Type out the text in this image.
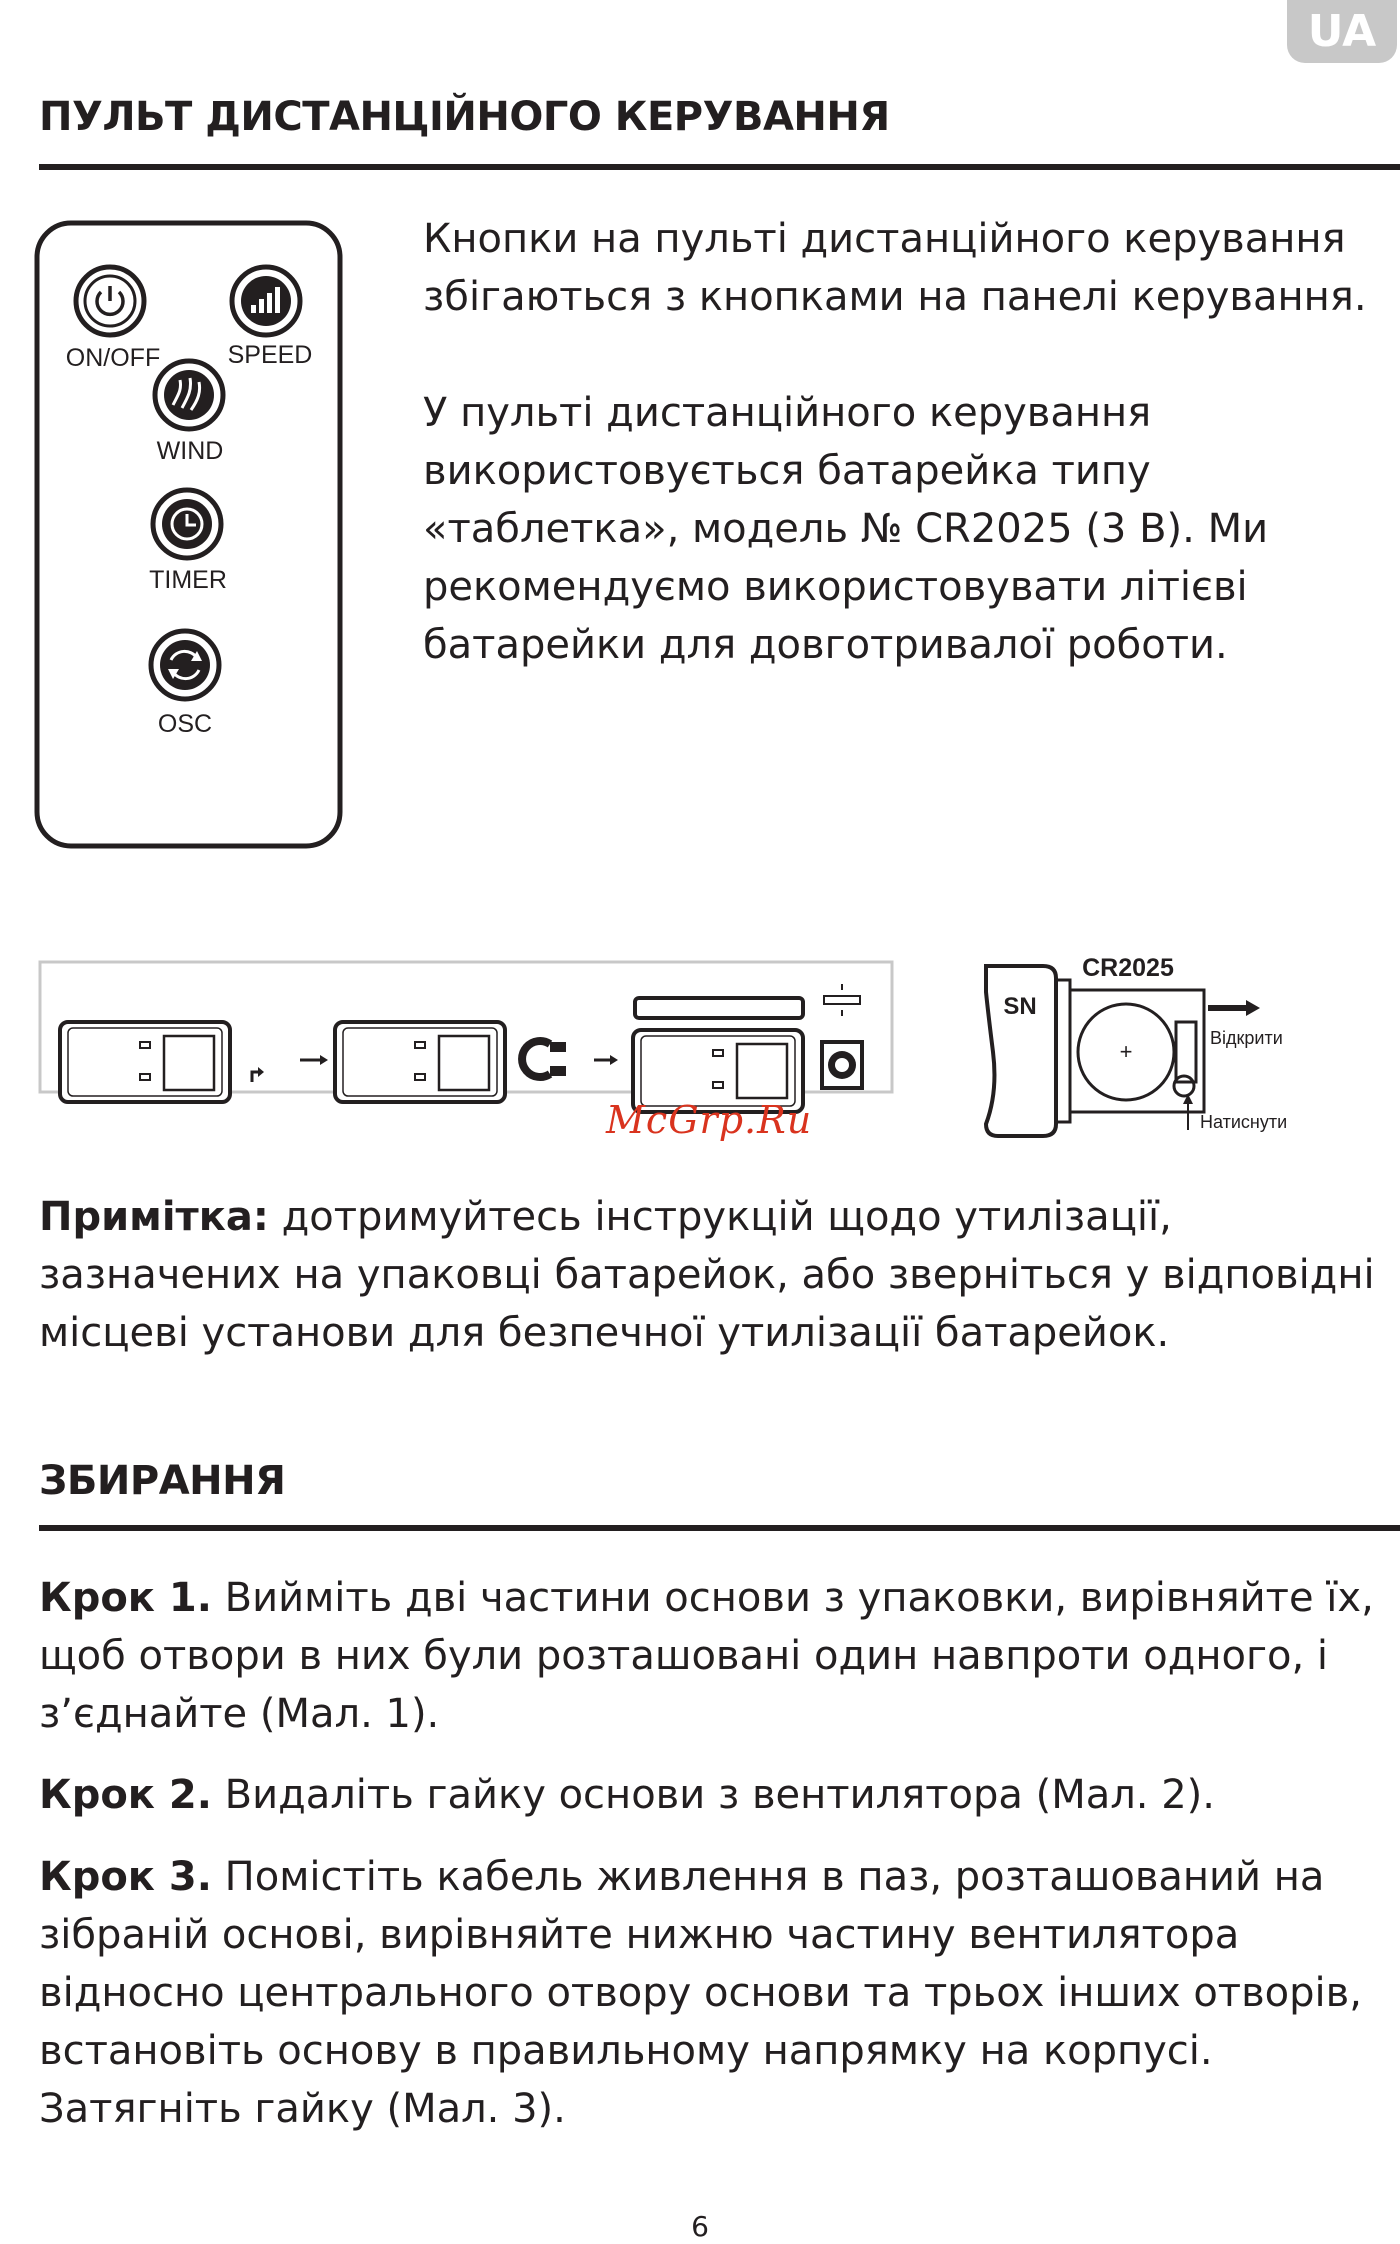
UA
ПУЛЬТ ДИСТАНЦІЙНОГО КЕРУВАННЯ
ON/OFF	SPEED
WIND
TIMER
OSC

Кнопки на пульті дистанційного керування збігаються з кнопками на панелі керування.

У пульті дистанційного керування використовується батарейка типу «таблетка», модель № CR2025 (3 В). Ми рекомендуємо використовувати літієві батарейки для довготривалої роботи.

+
SN
CR2025
Відкрити
Натиснути
McGrp.Ru

Примітка: дотримуйтесь інструкцій щодо утилізації, зазначених на упаковці батарейок, або зверніться у відповідні місцеві установи для безпечної утилізації батарейок.

ЗБИРАННЯ

Крок 1. Вийміть дві частини основи з упаковки, вирівняйте їх, щоб отвори в них були розташовані один навпроти одного, і з’єднайте (Мал. 1).

Крок 2. Видаліть гайку основи з вентилятора (Мал. 2).

Крок 3. Помістіть кабель живлення в паз, розташований на зібраній основі, вирівняйте нижню частину вентилятора відносно центрального отвору основи та трьох інших отворів, встановіть основу в правильному напрямку на корпусі.
Затягніть гайку (Мал. 3).

6
